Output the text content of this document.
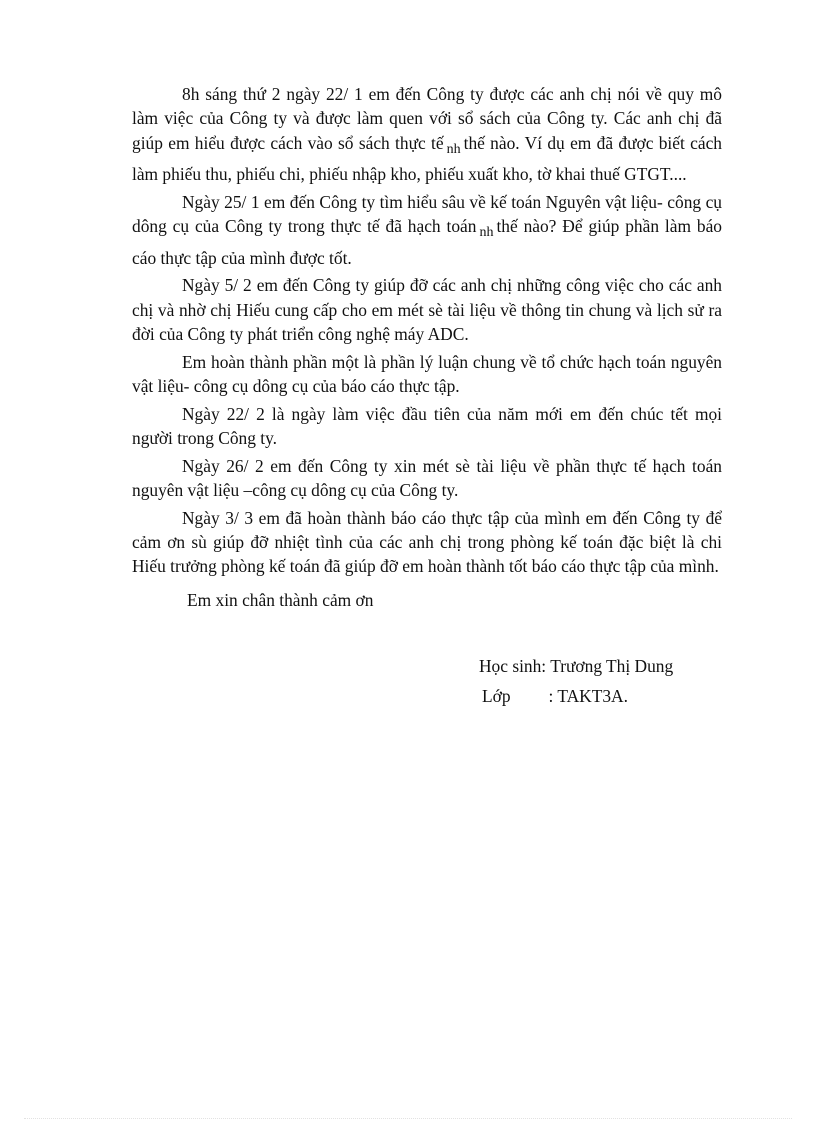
8h sáng thứ 2 ngày 22/ 1 em đến Công ty được các anh chị nói về quy mô làm việc của Công ty và được làm quen với sổ sách của Công ty. Các anh chị đã giúp em hiểu được cách vào sổ sách thực tế $_{nh}$ thế nào. Ví dụ em đã được biết cách làm phiếu thu, phiếu chi, phiếu nhập kho, phiếu xuất kho, tờ khai thuế GTGT....

Ngày 25/ 1 em đến Công ty tìm hiểu sâu về kế toán Nguyên vật liệu- công cụ dông cụ của Công ty trong thực tế đã hạch toán $_{nh}$ thế nào? Để giúp phần làm báo cáo thực tập của mình được tốt.

Ngày 5/ 2 em đến Công ty giúp đỡ các anh chị những công việc cho các anh chị và nhờ chị Hiếu cung cấp cho em mét sè tài liệu về thông tin chung và lịch sử ra đời của Công ty phát triển công nghệ máy ADC.

Em hoàn thành phần một là phần lý luận chung về tổ chức hạch toán nguyên vật liệu- công cụ dông cụ của báo cáo thực tập.

Ngày 22/ 2 là ngày làm việc đầu tiên của năm mới em đến chúc tết mọi người trong Công ty.

Ngày 26/ 2 em đến Công ty xin mét sè tài liệu về phần thực tế hạch toán nguyên vật liệu –công cụ dông cụ của Công ty.

Ngày 3/ 3 em đã hoàn thành báo cáo thực tập của mình em đến Công ty để cảm ơn sù giúp đỡ nhiệt tình của các anh chị trong phòng kế toán đặc biệt là chi Hiếu trưởng phòng kế toán đã giúp đỡ em hoàn thành tốt báo cáo thực tập của mình.

Em xin chân thành cảm ơn

Học sinh: Trương Thị Dung
Lớp : TAKT3A.
